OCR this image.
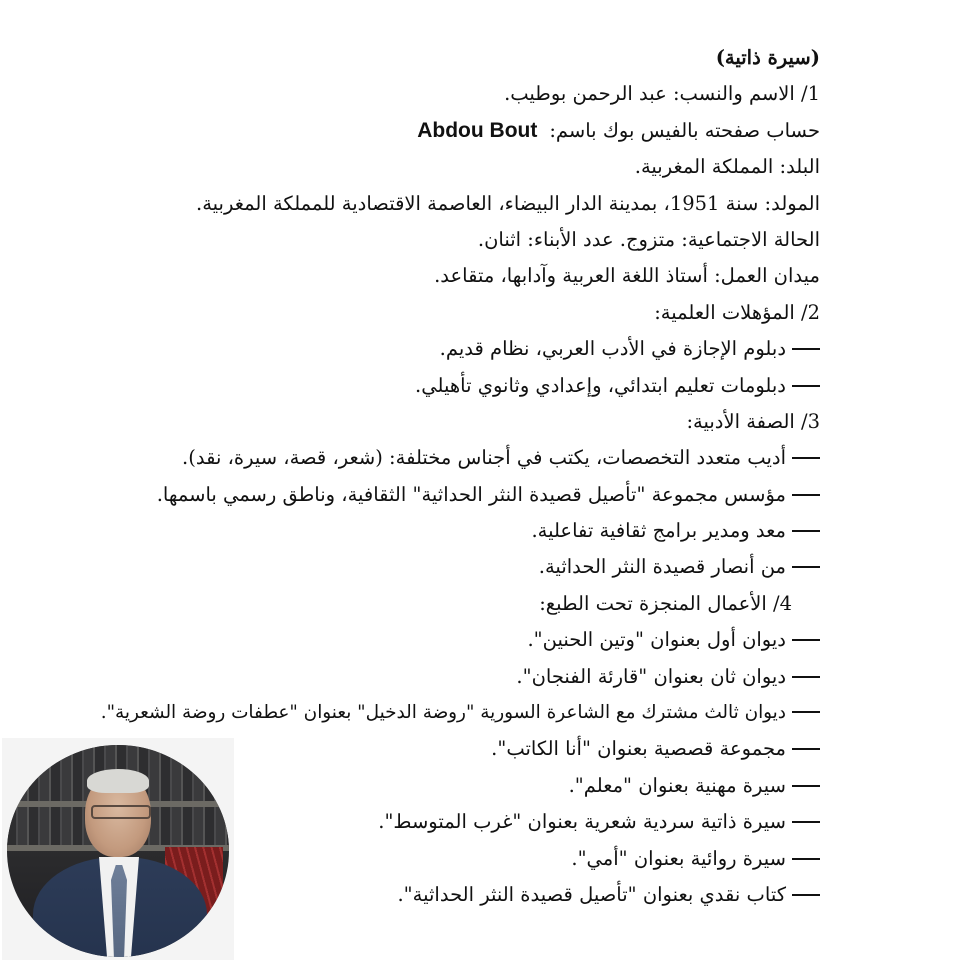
(سيرة ذاتية)
1/ الاسم والنسب: عبد الرحمن بوطيب.
حساب صفحته بالفيس بوك باسم:Abdou Bout
البلد: المملكة المغربية.
المولد: سنة 1951، بمدينة الدار البيضاء، العاصمة الاقتصادية للمملكة المغربية.
الحالة الاجتماعية: متزوج. عدد الأبناء: اثنان.
ميدان العمل: أستاذ اللغة العربية وآدابها، متقاعد.
2/ المؤهلات العلمية:
دبلوم الإجازة في الأدب العربي، نظام قديم.
دبلومات تعليم ابتدائي، وإعدادي وثانوي تأهيلي.
3/ الصفة الأدبية:
أديب متعدد التخصصات، يكتب في أجناس مختلفة: (شعر، قصة، سيرة، نقد).
مؤسس مجموعة "تأصيل قصيدة النثر الحداثية" الثقافية، وناطق رسمي باسمها.
معد ومدير برامج ثقافية تفاعلية.
من أنصار قصيدة النثر الحداثية.
4/ الأعمال المنجزة تحت الطبع:
ديوان أول بعنوان "وتين الحنين".
ديوان ثان بعنوان "قارئة الفنجان".
ديوان ثالث مشترك مع الشاعرة السورية "روضة الدخيل" بعنوان "عطفات روضة الشعرية".
مجموعة قصصية بعنوان "أنا الكاتب".
سيرة مهنية بعنوان "معلم".
سيرة ذاتية سردية شعرية بعنوان "غرب المتوسط".
سيرة روائية بعنوان "أمي".
كتاب نقدي بعنوان "تأصيل قصيدة النثر الحداثية".
